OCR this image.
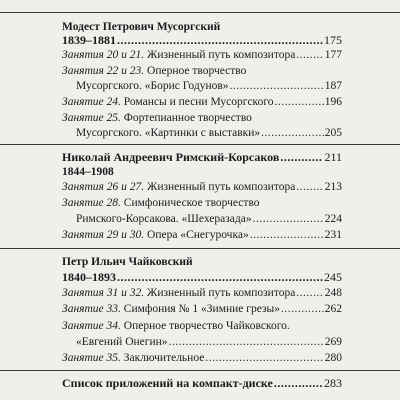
Модест Петрович Мусоргский
1839–1881 .....	175
Занятия 20 и 21. Жизненный путь композитора .....	177
Занятия 22 и 23. Оперное творчество
Мусоргского. «Борис Годунов» .....	187
Занятие 24. Романсы и песни Мусоргского .....	196
Занятие 25. Фортепианное творчество
Мусоргского. «Картинки с выставки» .....	205
Николай Андреевич Римский-Корсаков .....	211
1844–1908
Занятия 26 и 27. Жизненный путь композитора .....	213
Занятие 28. Симфоническое творчество
Римского-Корсакова. «Шехеразада» .....	224
Занятия 29 и 30. Опера «Снегурочка» .....	231
Петр Ильич Чайковский
1840–1893 .....	245
Занятия 31 и 32. Жизненный путь композитора .....	248
Занятие 33. Симфония № 1 «Зимние грезы» .....	262
Занятие 34. Оперное творчество Чайковского.
«Евгений Онегин» .....	269
Занятие 35. Заключительное .....	280
Список приложений на компакт-диске .....	283
